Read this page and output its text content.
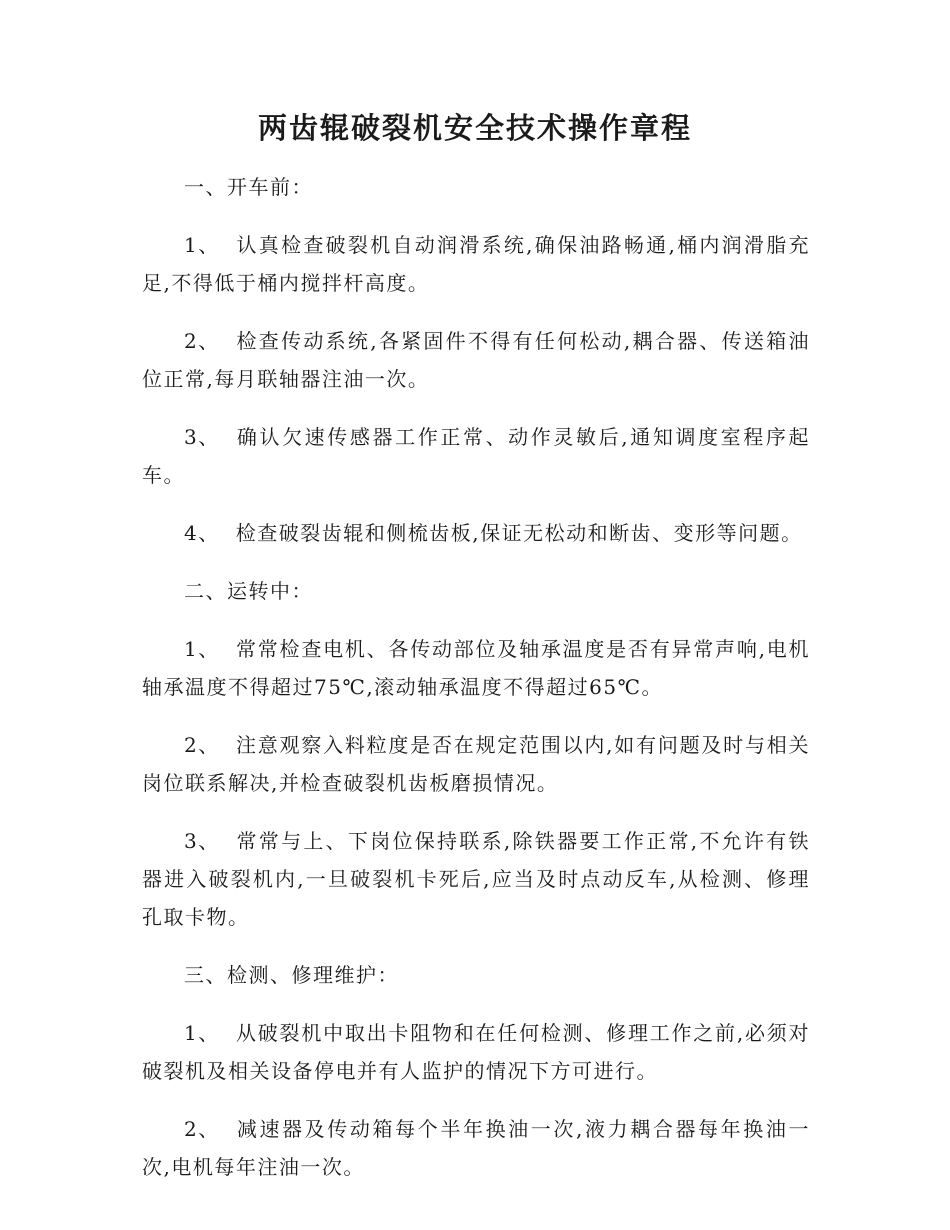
两齿辊破裂机安全技术操作章程

一、开车前：

1、 认真检查破裂机自动润滑系统,确保油路畅通,桶内润滑脂充足,不得低于桶内搅拌杆高度。

2、 检查传动系统,各紧固件不得有任何松动,耦合器、传送箱油位正常,每月联轴器注油一次。

3、 确认欠速传感器工作正常、动作灵敏后,通知调度室程序起车。

4、 检查破裂齿辊和侧梳齿板,保证无松动和断齿、变形等问题。

二、运转中：

1、 常常检查电机、各传动部位及轴承温度是否有异常声响,电机轴承温度不得超过75℃,滚动轴承温度不得超过65℃。

2、 注意观察入料粒度是否在规定范围以内,如有问题及时与相关岗位联系解决,并检查破裂机齿板磨损情况。

3、 常常与上、下岗位保持联系,除铁器要工作正常,不允许有铁器进入破裂机内,一旦破裂机卡死后,应当及时点动反车,从检测、修理孔取卡物。

三、检测、修理维护：

1、 从破裂机中取出卡阻物和在任何检测、修理工作之前,必须对破裂机及相关设备停电并有人监护的情况下方可进行。

2、 减速器及传动箱每个半年换油一次,液力耦合器每年换油一次,电机每年注油一次。
